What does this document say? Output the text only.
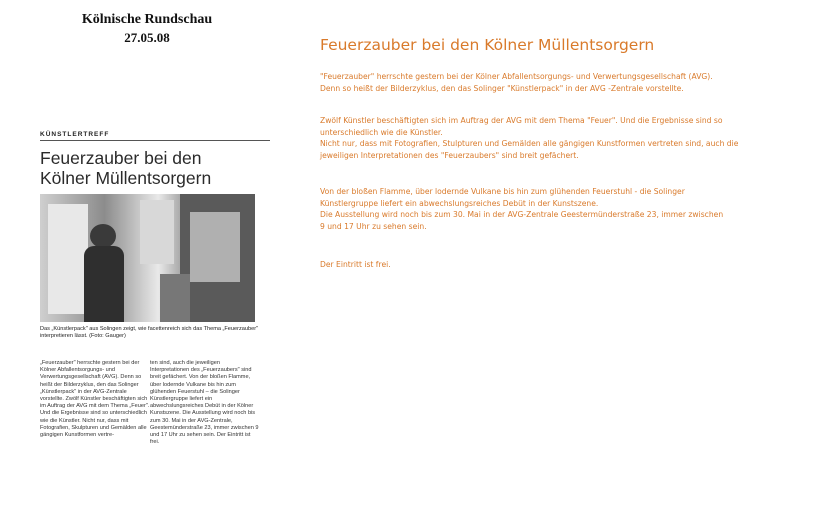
Kölnische Rundschau
27.05.08
KÜNSTLERTREFF
Feuerzauber bei den
Kölner Müllentsorgern
Das „Künstlerpack" aus Solingen zeigt, wie facettenreich sich das Thema „Feuerzauber" interpretieren lässt. (Foto: Gauger)
„Feuerzauber" herrschte gestern bei der Kölner Abfallentsorgungs- und Verwertungsgesellschaft (AVG). Denn so heißt der Bilderzyklus, den das Solinger „Künstlerpack" in der AVG-Zentrale vorstellte. Zwölf Künstler beschäftigten sich im Auftrag der AVG mit dem Thema „Feuer". Und die Ergebnisse sind so unterschiedlich wie die Künstler. Nicht nur, dass mit Fotografien, Skulpturen und Gemälden alle gängigen Kunstformen vertre-
ten sind, auch die jeweiligen Interpretationen des „Feuerzaubers" sind breit gefächert. Von der bloßen Flamme, über lodernde Vulkane bis hin zum glühenden Feuerstuhl – die Solinger Künstlergruppe liefert ein abwechslungsreiches Debüt in der Kölner Kunstszene. Die Ausstellung wird noch bis zum 30. Mai in der AVG-Zentrale, Geestemünderstraße 23, immer zwischen 9 und 17 Uhr zu sehen sein. Der Eintritt ist frei.
Feuerzauber bei den Kölner Müllentsorgern

"Feuerzauber" herrschte gestern bei der Kölner Abfallentsorgungs- und Verwertungsgesellschaft (AVG).
Denn so heißt der Bilderzyklus, den das Solinger "Künstlerpack" in der AVG -Zentrale vorstellte.

Zwölf Künstler beschäftigten sich im Auftrag der AVG mit dem Thema "Feuer". Und die Ergebnisse sind so
unterschiedlich wie die Künstler.
Nicht nur, dass mit Fotografien, Stulpturen und Gemälden alle gängigen Kunstformen vertreten sind, auch die
jeweiligen Interpretationen des "Feuerzaubers" sind breit gefächert.

Von der bloßen Flamme, über lodernde Vulkane bis hin zum glühenden Feuerstuhl - die Solinger
Künstlergruppe liefert ein abwechslungsreiches Debüt in der Kunstszene.
Die Ausstellung wird noch bis zum 30. Mai in der AVG-Zentrale Geestermünderstraße 23, immer zwischen
9 und 17 Uhr zu sehen sein.

Der Eintritt ist frei.
